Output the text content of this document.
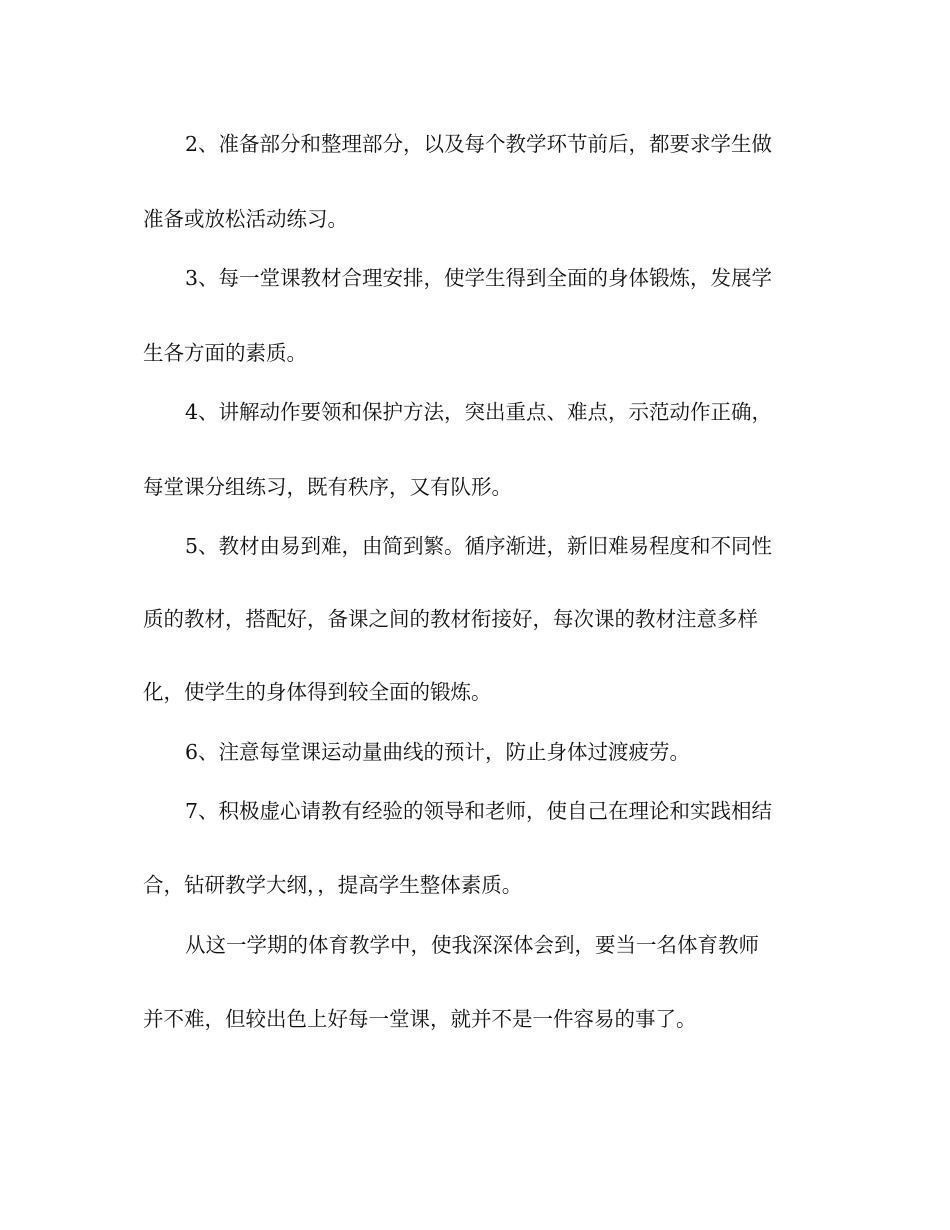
2、准备部分和整理部分，以及每个教学环节前后，都要求学生做
准备或放松活动练习。
3、每一堂课教材合理安排，使学生得到全面的身体锻炼，发展学
生各方面的素质。
4、讲解动作要领和保护方法，突出重点、难点，示范动作正确，
每堂课分组练习，既有秩序，又有队形。
5、教材由易到难，由简到繁。循序渐进，新旧难易程度和不同性
质的教材，搭配好，备课之间的教材衔接好，每次课的教材注意多样
化，使学生的身体得到较全面的锻炼。
6、注意每堂课运动量曲线的预计，防止身体过渡疲劳。
7、积极虚心请教有经验的领导和老师，使自己在理论和实践相结
合，钻研教学大纲，，提高学生整体素质。
从这一学期的体育教学中，使我深深体会到，要当一名体育教师
并不难，但较出色上好每一堂课，就并不是一件容易的事了。
